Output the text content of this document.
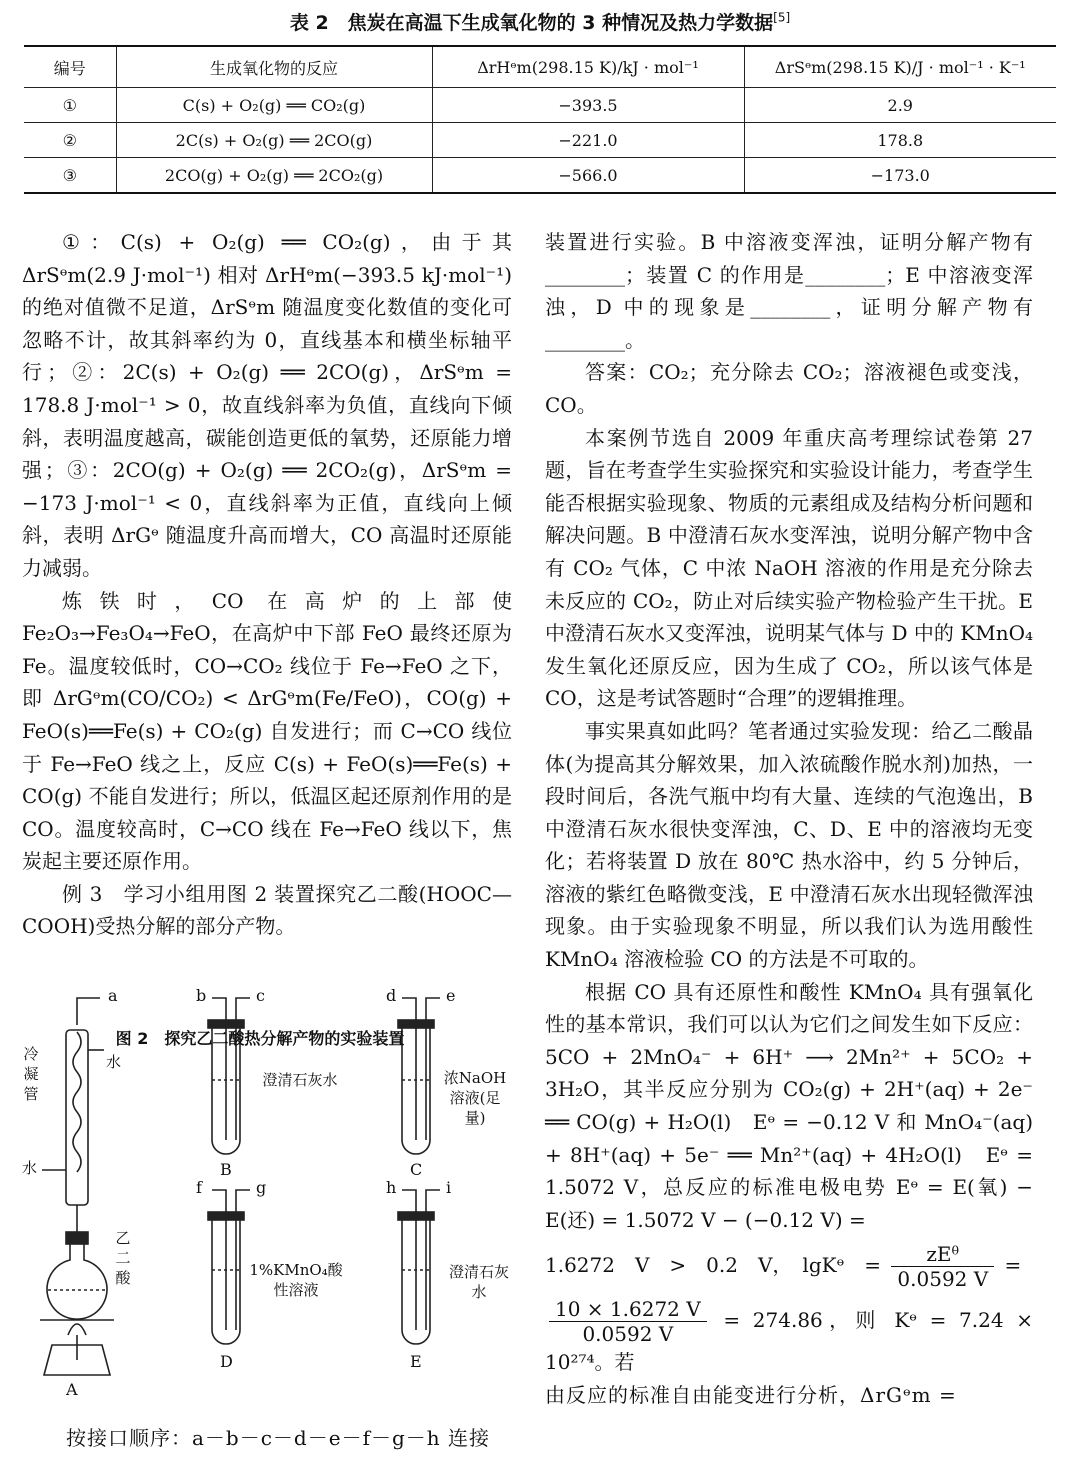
表 2　焦炭在高温下生成氧化物的 3 种情况及热力学数据[5]
编号	生成氧化物的反应	ΔrHᶱm(298.15 K)/kJ · mol⁻¹	ΔrSᶱm(298.15 K)/J · mol⁻¹ · K⁻¹
①	C(s) + O₂(g) ══ CO₂(g)	−393.5	2.9
②	2C(s) + O₂(g) ══ 2CO(g)	−221.0	178.8
③	2CO(g) + O₂(g) ══ 2CO₂(g)	−566.0	−173.0

①：C(s) + O₂(g) ══ CO₂(g)，由于其 ΔrSᶱm(2.9 J·mol⁻¹) 相对 ΔrHᶱm(−393.5 kJ·mol⁻¹) 的绝对值微不足道，ΔrSᶱm 随温度变化数值的变化可忽略不计，故其斜率约为 0，直线基本和横坐标轴平行；②：2C(s) + O₂(g) ══ 2CO(g)，ΔrSᶱm = 178.8 J·mol⁻¹ > 0，故直线斜率为负值，直线向下倾斜，表明温度越高，碳能创造更低的氧势，还原能力增强；③：2CO(g) + O₂(g) ══ 2CO₂(g)，ΔrSᶱm = −173 J·mol⁻¹ < 0，直线斜率为正值，直线向上倾斜，表明 ΔrGᶱ 随温度升高而增大，CO 高温时还原能力减弱。

炼铁时，CO 在高炉的上部使 Fe₂O₃→Fe₃O₄→FeO，在高炉中下部 FeO 最终还原为 Fe。温度较低时，CO→CO₂ 线位于 Fe→FeO 之下，即 ΔrGᶱm(CO/CO₂) < ΔrGᶱm(Fe/FeO)，CO(g) + FeO(s)══Fe(s) + CO₂(g) 自发进行；而 C→CO 线位于 Fe→FeO 线之上，反应 C(s) + FeO(s)══Fe(s) + CO(g) 不能自发进行；所以，低温区起还原剂作用的是 CO。温度较高时，C→CO 线在 Fe→FeO 线以下，焦炭起主要还原作用。

例 3　学习小组用图 2 装置探究乙二酸(HOOC—COOH)受热分解的部分产物。

a	b	c	d	e
f	g	h	i
冷凝管
水
水
乙二酸
澄清石灰水	浓NaOH溶液(足量)
1%KMnO₄酸性溶液
澄清石灰水
A
B	C
D	E
图 2　探究乙二酸热分解产物的实验装置
按接口顺序：a－b－c－d－e－f－g－h 连接

装置进行实验。B 中溶液变浑浊，证明分解产物有________；装置 C 的作用是________；E 中溶液变浑浊，D 中的现象是________，证明分解产物有________。

答案：CO₂；充分除去 CO₂；溶液褪色或变浅，CO。

本案例节选自 2009 年重庆高考理综试卷第 27 题，旨在考查学生实验探究和实验设计能力，考查学生能否根据实验现象、物质的元素组成及结构分析问题和解决问题。B 中澄清石灰水变浑浊，说明分解产物中含有 CO₂ 气体，C 中浓 NaOH 溶液的作用是充分除去未反应的 CO₂，防止对后续实验产物检验产生干扰。E 中澄清石灰水又变浑浊，说明某气体与 D 中的 KMnO₄ 发生氧化还原反应，因为生成了 CO₂，所以该气体是 CO，这是考试答题时“合理”的逻辑推理。

事实果真如此吗？笔者通过实验发现：给乙二酸晶体(为提高其分解效果，加入浓硫酸作脱水剂)加热，一段时间后，各洗气瓶中均有大量、连续的气泡逸出，B 中澄清石灰水很快变浑浊，C、D、E 中的溶液均无变化；若将装置 D 放在 80℃ 热水浴中，约 5 分钟后，溶液的紫红色略微变浅，E 中澄清石灰水出现轻微浑浊现象。由于实验现象不明显，所以我们认为选用酸性 KMnO₄ 溶液检验 CO 的方法是不可取的。

根据 CO 具有还原性和酸性 KMnO₄ 具有强氧化性的基本常识，我们可以认为它们之间发生如下反应：5CO + 2MnO₄⁻ + 6H⁺ ⟶ 2Mn²⁺ + 5CO₂ + 3H₂O，其半反应分别为 CO₂(g) + 2H⁺(aq) + 2e⁻ ══ CO(g) + H₂O(l)　Eᶱ = −0.12 V 和 MnO₄⁻(aq) + 8H⁺(aq) + 5e⁻ ══ Mn²⁺(aq) + 4H₂O(l)　Eᶱ = 1.5072 V，总反应的标准电极电势 Eᶱ = E(氧) − E(还) = 1.5072 V − (−0.12 V) =

1.6272　V　>　0.2　V，　lgKᶱ　= $\frac{\text{zEᶿ}}{0.0592 V}$ =

$\frac{10 \times 1.6272 V}{0.0592 V} = 274.86$，则 Kᶱ = 7.24 × 10²⁷⁴。若

由反应的标准自由能变进行分析，ΔrGᶱm =
